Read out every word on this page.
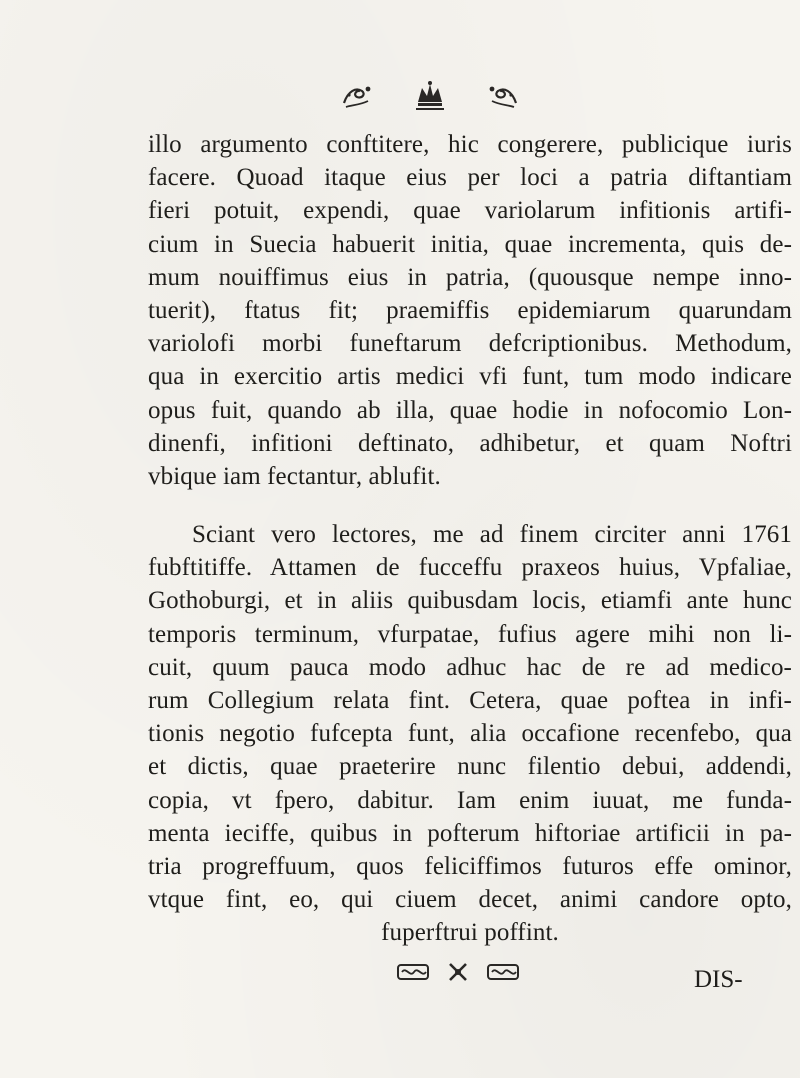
illo argumento conftitere, hic congerere, publicique iuris
facere. Quoad itaque eius per loci a patria diftantiam
fieri potuit, expendi, quae variolarum infitionis artifi-
cium in Suecia habuerit initia, quae incrementa, quis de-
mum nouiffimus eius in patria, (quousque nempe inno-
tuerit), ftatus fit; praemiffis epidemiarum quarundam
variolofi morbi funeftarum defcriptionibus. Methodum,
qua in exercitio artis medici vfi funt, tum modo indicare
opus fuit, quando ab illa, quae hodie in nofocomio Lon-
dinenfi, infitioni deftinato, adhibetur, et quam Noftri
vbique iam fectantur, ablufit.
Sciant vero lectores, me ad finem circiter anni 1761
fubftitiffe. Attamen de fucceffu praxeos huius, Vpfaliae,
Gothoburgi, et in aliis quibusdam locis, etiamfi ante hunc
temporis terminum, vfurpatae, fufius agere mihi non li-
cuit, quum pauca modo adhuc hac de re ad medico-
rum Collegium relata fint. Cetera, quae poftea in infi-
tionis negotio fufcepta funt, alia occafione recenfebo, qua
et dictis, quae praeterire nunc filentio debui, addendi,
copia, vt fpero, dabitur. Iam enim iuuat, me funda-
menta ieciffe, quibus in pofterum hiftoriae artificii in pa-
tria progreffuum, quos feliciffimos futuros effe ominor,
vtque fint, eo, qui ciuem decet, animi candore opto,
fuperftrui poffint.
DIS-
